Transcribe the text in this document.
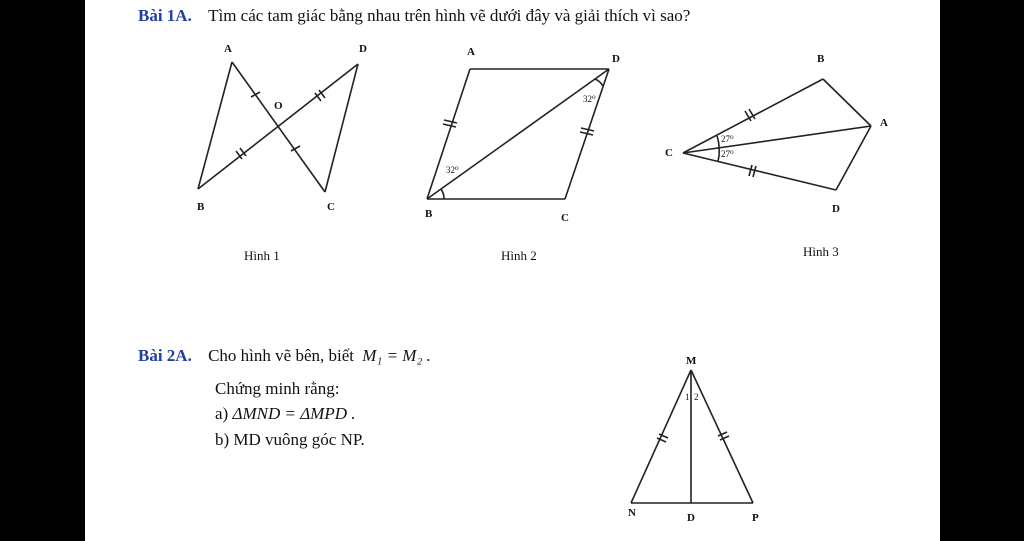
Bài 1A. Tìm các tam giác bằng nhau trên hình vẽ dưới đây và giải thích vì sao?
A	D
O
B	C
A
D
B	C
32⁰
32⁰
B
A
C
D
27⁰
27⁰
M
N	D	P
1 2
Hình 1	Hình 2	Hình 3
Bài 2A. Cho hình vẽ bên, biết M₁ = M₂ .
Chứng minh rằng:
a) ΔMND = ΔMPD .
b) MD vuông góc NP.
